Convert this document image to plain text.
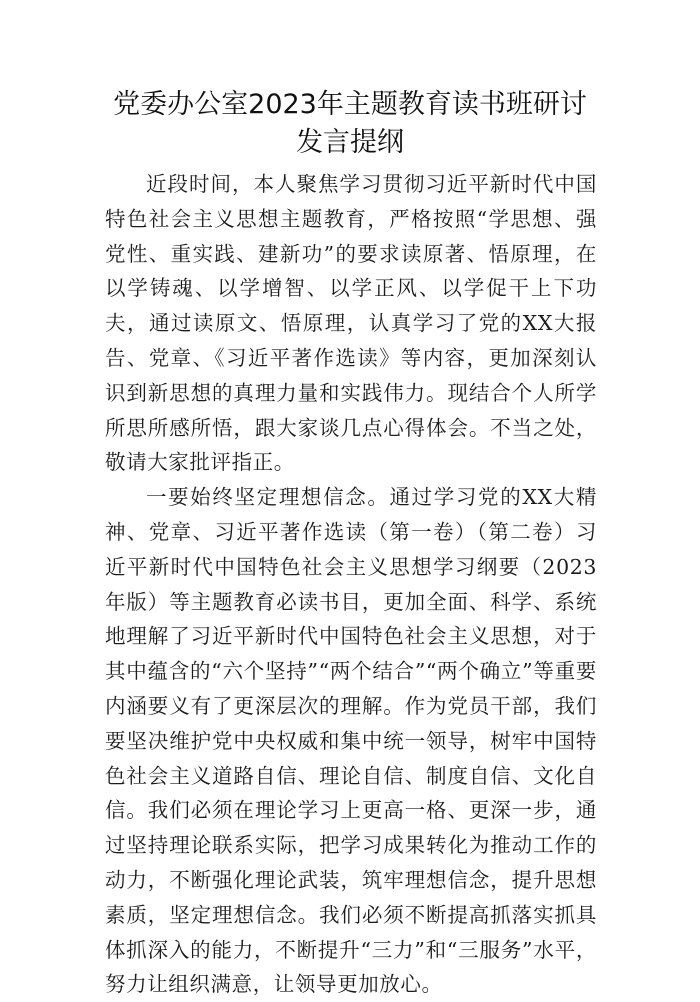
党委办公室2023年主题教育读书班研讨发言提纲

近段时间，本人聚焦学习贯彻习近平新时代中国特色社会主义思想主题教育，严格按照“学思想、强党性、重实践、建新功”的要求读原著、悟原理，在以学铸魂、以学增智、以学正风、以学促干上下功夫，通过读原文、悟原理，认真学习了党的XX大报告、党章、《习近平著作选读》等内容，更加深刻认识到新思想的真理力量和实践伟力。现结合个人所学所思所感所悟，跟大家谈几点心得体会。不当之处，敬请大家批评指正。

一要始终坚定理想信念。通过学习党的XX大精神、党章、习近平著作选读（第一卷）（第二卷）习近平新时代中国特色社会主义思想学习纲要（2023年版）等主题教育必读书目，更加全面、科学、系统地理解了习近平新时代中国特色社会主义思想，对于其中蕴含的“六个坚持”“两个结合”“两个确立”等重要内涵要义有了更深层次的理解。作为党员干部，我们要坚决维护党中央权威和集中统一领导，树牢中国特色社会主义道路自信、理论自信、制度自信、文化自信。我们必须在理论学习上更高一格、更深一步，通过坚持理论联系实际，把学习成果转化为推动工作的动力，不断强化理论武装，筑牢理想信念，提升思想素质，坚定理想信念。我们必须不断提高抓落实抓具体抓深入的能力，不断提升“三力”和“三服务”水平，努力让组织满意，让领导更加放心。
